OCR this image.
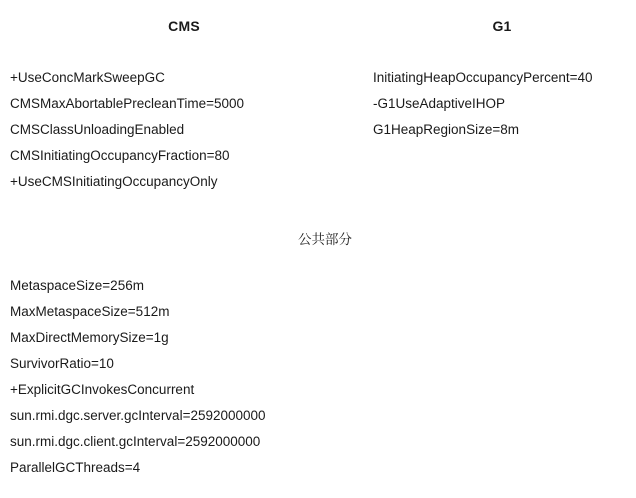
CMS
+UseConcMarkSweepGC
CMSMaxAbortablePrecleanTime=5000
CMSClassUnloadingEnabled
CMSInitiatingOccupancyFraction=80
+UseCMSInitiatingOccupancyOnly
G1
InitiatingHeapOccupancyPercent=40
-G1UseAdaptiveIHOP
G1HeapRegionSize=8m
公共部分
MetaspaceSize=256m
MaxMetaspaceSize=512m
MaxDirectMemorySize=1g
SurvivorRatio=10
+ExplicitGCInvokesConcurrent
sun.rmi.dgc.server.gcInterval=2592000000
sun.rmi.dgc.client.gcInterval=2592000000
ParallelGCThreads=4
